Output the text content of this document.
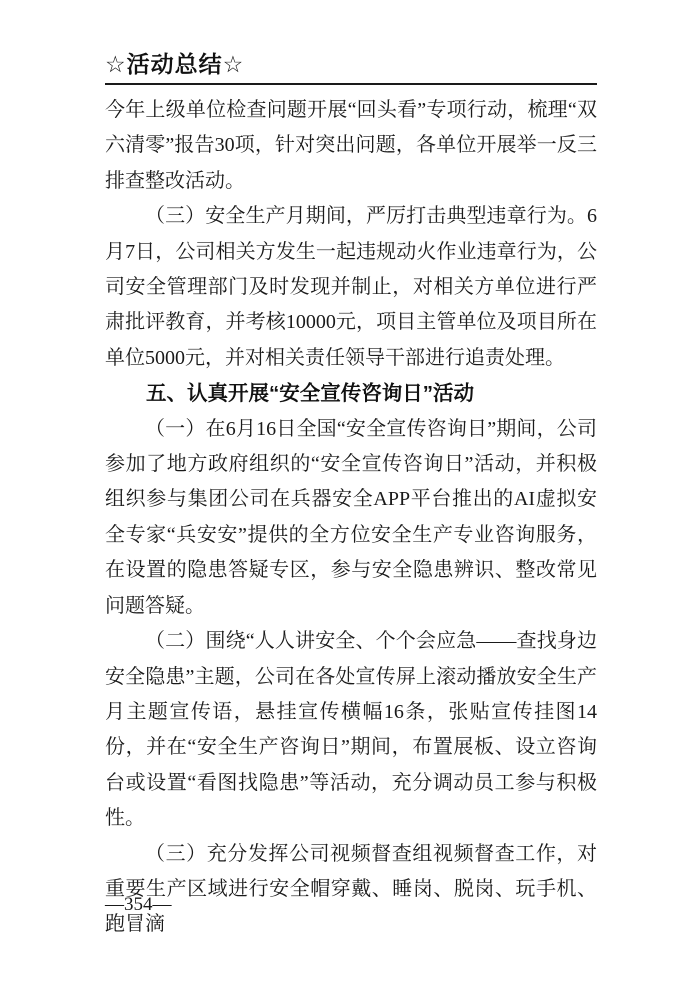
☆活动总结☆

今年上级单位检查问题开展“回头看”专项行动，梳理“双六清零”报告30项，针对突出问题，各单位开展举一反三排查整改活动。

（三）安全生产月期间，严厉打击典型违章行为。6月7日，公司相关方发生一起违规动火作业违章行为，公司安全管理部门及时发现并制止，对相关方单位进行严肃批评教育，并考核10000元，项目主管单位及项目所在单位5000元，并对相关责任领导干部进行追责处理。

五、认真开展“安全宣传咨询日”活动

（一）在6月16日全国“安全宣传咨询日”期间，公司参加了地方政府组织的“安全宣传咨询日”活动，并积极组织参与集团公司在兵器安全APP平台推出的AI虚拟安全专家“兵安安”提供的全方位安全生产专业咨询服务，在设置的隐患答疑专区，参与安全隐患辨识、整改常见问题答疑。

（二）围绕“人人讲安全、个个会应急——查找身边安全隐患”主题，公司在各处宣传屏上滚动播放安全生产月主题宣传语，悬挂宣传横幅16条，张贴宣传挂图14份，并在“安全生产咨询日”期间，布置展板、设立咨询台或设置“看图找隐患”等活动，充分调动员工参与积极性。

（三）充分发挥公司视频督查组视频督查工作，对重要生产区域进行安全帽穿戴、睡岗、脱岗、玩手机、跑冒滴

—354—
